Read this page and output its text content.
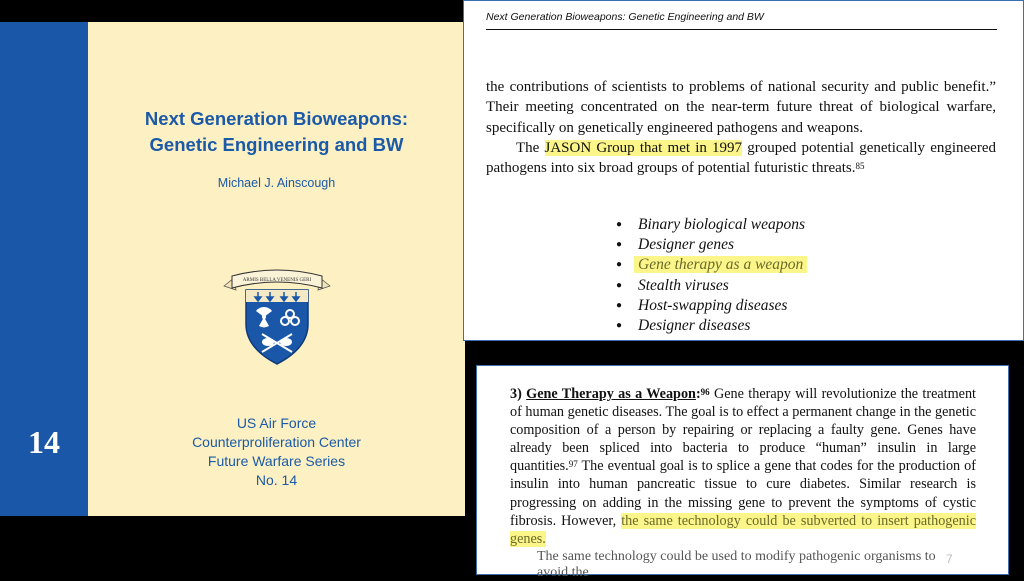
14
Next Generation Bioweapons:
Genetic Engineering and BW
Michael J. Ainscough
ARMIS BELLA VENENIS GERI
US Air Force
Counterproliferation Center
Future Warfare Series
No. 14
Next Generation Bioweapons: Genetic Engineering and BW

the contributions of scientists to problems of national security and public benefit.” Their meeting concentrated on the near-term future threat of biological warfare, specifically on genetically engineered pathogens and weapons.

The JASON Group that met in 1997 grouped potential genetically engineered pathogens into six broad groups of potential futuristic threats.$^{85}$

● Binary biological weapons
● Designer genes
● Gene therapy as a weapon
● Stealth viruses
● Host-swapping diseases
● Designer diseases
3) Gene Therapy as a Weapon:$^{96}$ Gene therapy will revolutionize the treatment of human genetic diseases. The goal is to effect a permanent change in the genetic composition of a person by repairing or replacing a faulty gene. Genes have already been spliced into bacteria to produce “human” insulin in large quantities.$^{97}$ The eventual goal is to splice a gene that codes for the production of insulin into human pancreatic tissue to cure diabetes. Similar research is progressing on adding in the missing gene to prevent the symptoms of cystic fibrosis. However, the same technology could be subverted to insert pathogenic genes.
The same technology could be used to modify pathogenic organisms to avoid the
7
